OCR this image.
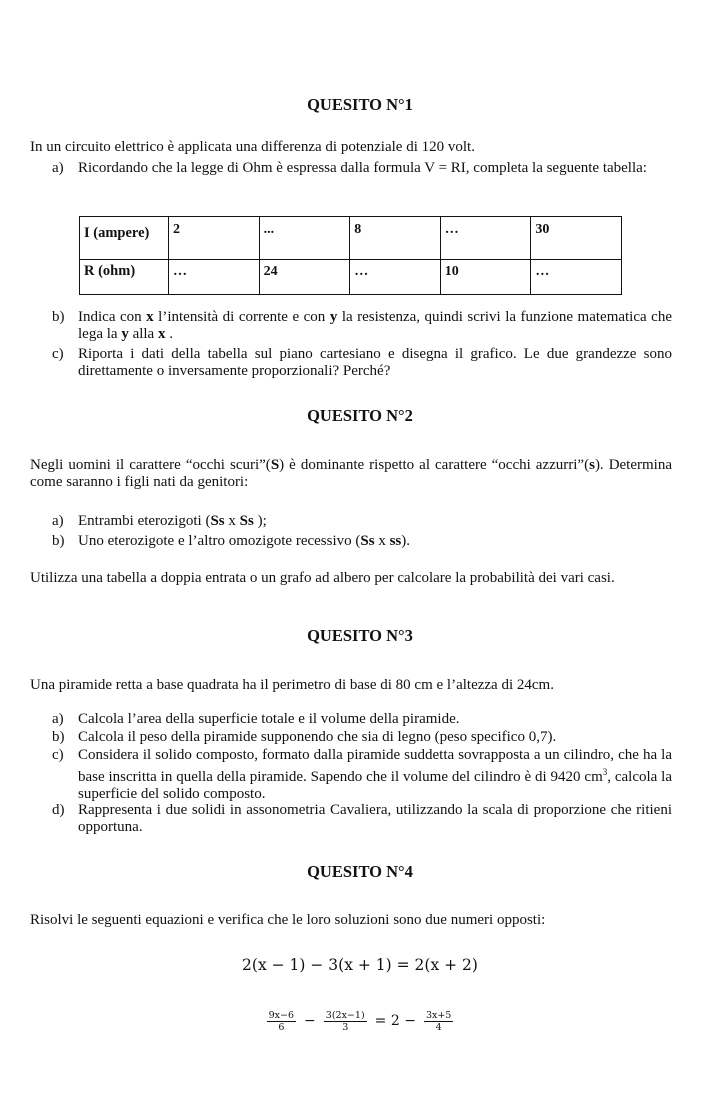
QUESITO N°1
In un circuito elettrico è applicata una differenza di potenziale di 120 volt.
a) Ricordando che la legge di Ohm è espressa dalla formula V = RI, completa la seguente tabella:
I (ampere)	2	...	8	…	30
R (ohm)	…	24	…	10	…
b) Indica con x l’intensità di corrente e con y la resistenza, quindi scrivi la funzione matematica che lega la y alla x .
c) Riporta i dati della tabella sul piano cartesiano e disegna il grafico. Le due grandezze sono direttamente o inversamente proporzionali? Perché?
QUESITO N°2
Negli uomini il carattere “occhi scuri”(S) è dominante rispetto al carattere “occhi azzurri”(s). Determina come saranno i figli nati da genitori:
a) Entrambi eterozigoti (Ss x Ss );
b) Uno eterozigote e l’altro omozigote recessivo (Ss x ss).
Utilizza una tabella a doppia entrata o un grafo ad albero per calcolare la probabilità dei vari casi.
QUESITO N°3
Una piramide retta a base quadrata ha il perimetro di base di 80 cm e l’altezza di 24cm.
a) Calcola l’area della superficie totale e il volume della piramide.
b) Calcola il peso della piramide supponendo che sia di legno (peso specifico 0,7).
c) Considera il solido composto, formato dalla piramide suddetta sovrapposta a un cilindro, che ha la base inscritta in quella della piramide. Sapendo che il volume del cilindro è di 9420 $cm^3$, calcola la superficie del solido composto.
d) Rappresenta i due solidi in assonometria Cavaliera, utilizzando la scala di proporzione che ritieni opportuna.
QUESITO N°4
Risolvi le seguenti equazioni e verifica che le loro soluzioni sono due numeri opposti:
2(x − 1) − 3(x + 1) = 2(x + 2)
$\frac{9x-6}{6} - \frac{3(2x-1)}{3} = 2 - \frac{3x+5}{4}$
